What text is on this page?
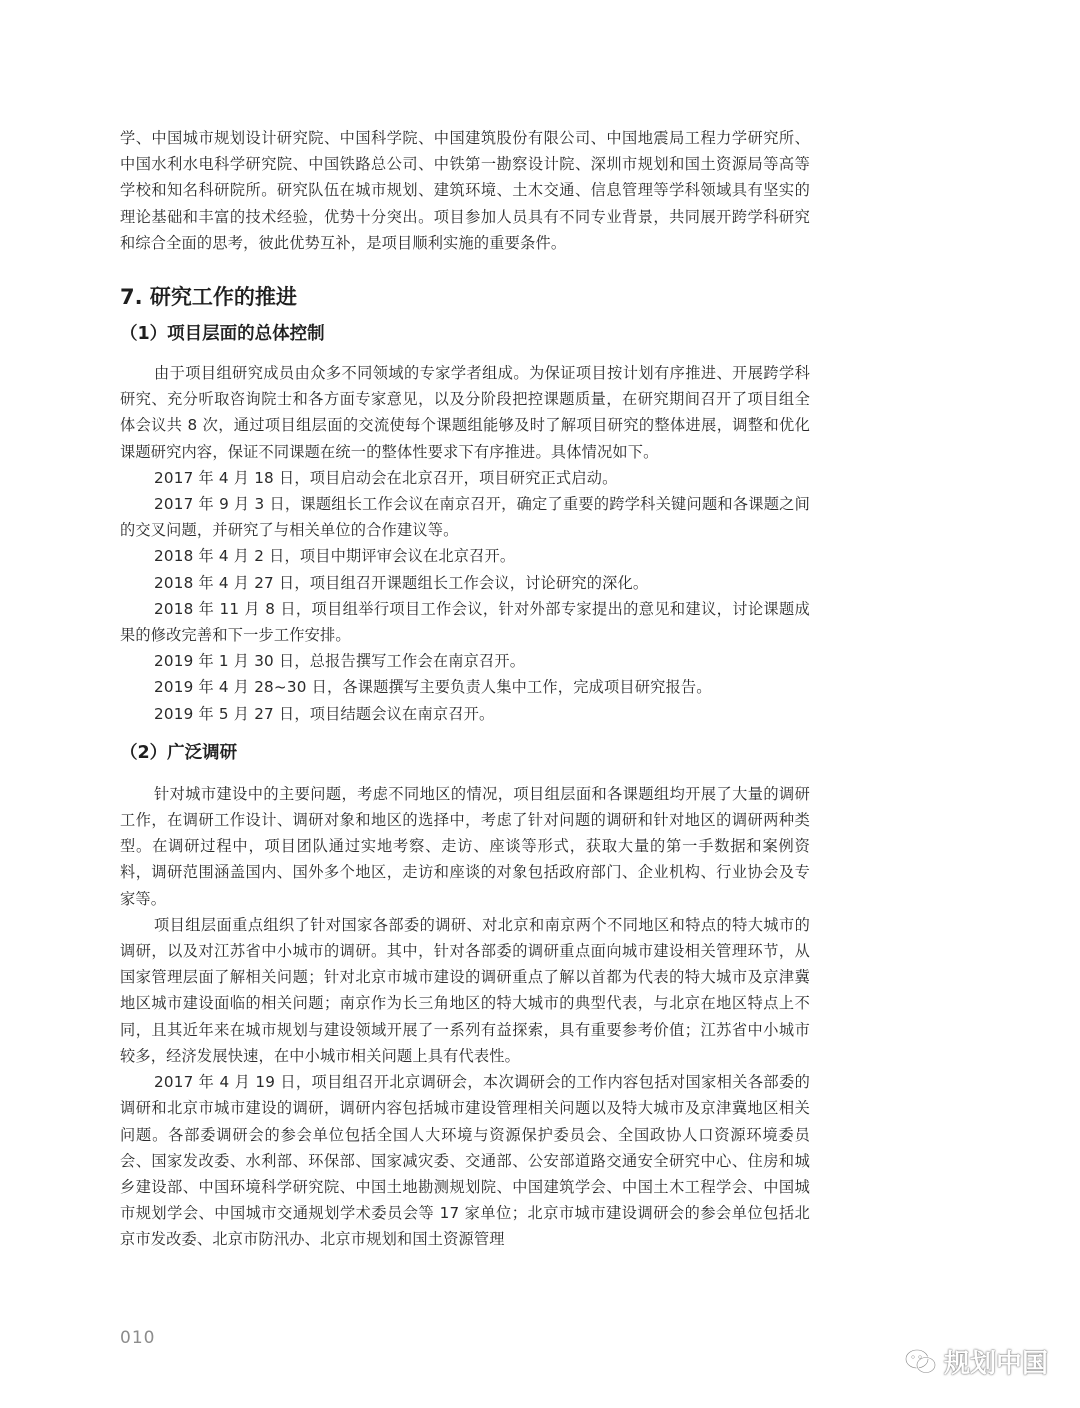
学、中国城市规划设计研究院、中国科学院、中国建筑股份有限公司、中国地震局工程力学研究所、中国水利水电科学研究院、中国铁路总公司、中铁第一勘察设计院、深圳市规划和国土资源局等高等学校和知名科研院所。研究队伍在城市规划、建筑环境、土木交通、信息管理等学科领域具有坚实的理论基础和丰富的技术经验，优势十分突出。项目参加人员具有不同专业背景，共同展开跨学科研究和综合全面的思考，彼此优势互补，是项目顺利实施的重要条件。

7. 研究工作的推进
（1）项目层面的总体控制

由于项目组研究成员由众多不同领域的专家学者组成。为保证项目按计划有序推进、开展跨学科研究、充分听取咨询院士和各方面专家意见，以及分阶段把控课题质量，在研究期间召开了项目组全体会议共 8 次，通过项目组层面的交流使每个课题组能够及时了解项目研究的整体进展，调整和优化课题研究内容，保证不同课题在统一的整体性要求下有序推进。具体情况如下。

2017 年 4 月 18 日，项目启动会在北京召开，项目研究正式启动。

2017 年 9 月 3 日，课题组长工作会议在南京召开，确定了重要的跨学科关键问题和各课题之间的交叉问题，并研究了与相关单位的合作建议等。

2018 年 4 月 2 日，项目中期评审会议在北京召开。

2018 年 4 月 27 日，项目组召开课题组长工作会议，讨论研究的深化。

2018 年 11 月 8 日，项目组举行项目工作会议，针对外部专家提出的意见和建议，讨论课题成果的修改完善和下一步工作安排。

2019 年 1 月 30 日，总报告撰写工作会在南京召开。

2019 年 4 月 28~30 日，各课题撰写主要负责人集中工作，完成项目研究报告。

2019 年 5 月 27 日，项目结题会议在南京召开。

（2）广泛调研

针对城市建设中的主要问题，考虑不同地区的情况，项目组层面和各课题组均开展了大量的调研工作，在调研工作设计、调研对象和地区的选择中，考虑了针对问题的调研和针对地区的调研两种类型。在调研过程中，项目团队通过实地考察、走访、座谈等形式，获取大量的第一手数据和案例资料，调研范围涵盖国内、国外多个地区，走访和座谈的对象包括政府部门、企业机构、行业协会及专家等。

项目组层面重点组织了针对国家各部委的调研、对北京和南京两个不同地区和特点的特大城市的调研，以及对江苏省中小城市的调研。其中，针对各部委的调研重点面向城市建设相关管理环节，从国家管理层面了解相关问题；针对北京市城市建设的调研重点了解以首都为代表的特大城市及京津冀地区城市建设面临的相关问题；南京作为长三角地区的特大城市的典型代表，与北京在地区特点上不同，且其近年来在城市规划与建设领域开展了一系列有益探索，具有重要参考价值；江苏省中小城市较多，经济发展快速，在中小城市相关问题上具有代表性。

2017 年 4 月 19 日，项目组召开北京调研会，本次调研会的工作内容包括对国家相关各部委的调研和北京市城市建设的调研，调研内容包括城市建设管理相关问题以及特大城市及京津冀地区相关问题。各部委调研会的参会单位包括全国人大环境与资源保护委员会、全国政协人口资源环境委员会、国家发改委、水利部、环保部、国家减灾委、交通部、公安部道路交通安全研究中心、住房和城乡建设部、中国环境科学研究院、中国土地勘测规划院、中国建筑学会、中国土木工程学会、中国城市规划学会、中国城市交通规划学术委员会等 17 家单位；北京市城市建设调研会的参会单位包括北京市发改委、北京市防汛办、北京市规划和国土资源管理

010
规划中国
